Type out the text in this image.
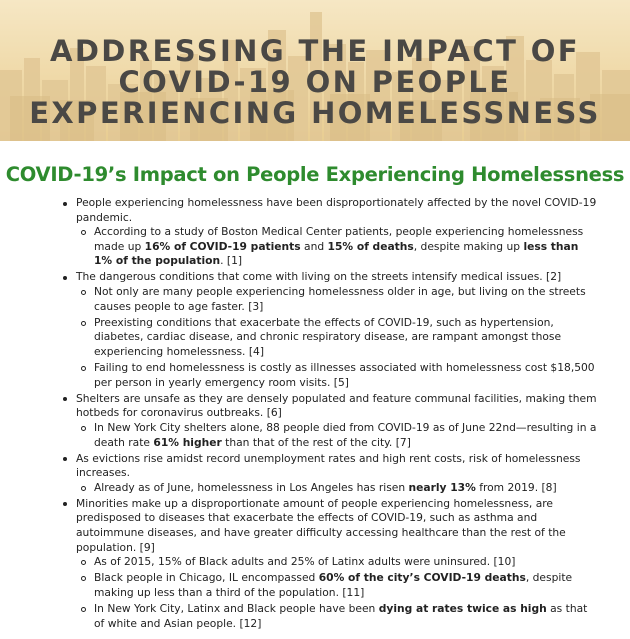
ADDRESSING THE IMPACT OF
COVID-19 ON PEOPLE
EXPERIENCING HOMELESSNESS
COVID-19’s Impact on People Experiencing Homelessness
People experiencing homelessness have been disproportionately affected by the novel COVID-19 pandemic.
According to a study of Boston Medical Center patients, people experiencing homelessness made up 16% of COVID-19 patients and 15% of deaths, despite making up less than 1% of the population. [1]
The dangerous conditions that come with living on the streets intensify medical issues. [2]
Not only are many people experiencing homelessness older in age, but living on the streets causes people to age faster. [3]
Preexisting conditions that exacerbate the effects of COVID-19, such as hypertension, diabetes, cardiac disease, and chronic respiratory disease, are rampant amongst those experiencing homelessness. [4]
Failing to end homelessness is costly as illnesses associated with homelessness cost $18,500 per person in yearly emergency room visits. [5]
Shelters are unsafe as they are densely populated and feature communal facilities, making them hotbeds for coronavirus outbreaks. [6]
In New York City shelters alone, 88 people died from COVID-19 as of June 22nd—resulting in a death rate 61% higher than that of the rest of the city. [7]
As evictions rise amidst record unemployment rates and high rent costs, risk of homelessness increases.
Already as of June, homelessness in Los Angeles has risen nearly 13% from 2019. [8]
Minorities make up a disproportionate amount of people experiencing homelessness, are predisposed to diseases that exacerbate the effects of COVID-19, such as asthma and autoimmune diseases, and have greater difficulty accessing healthcare than the rest of the population. [9]
As of 2015, 15% of Black adults and 25% of Latinx adults were uninsured. [10]
Black people in Chicago, IL encompassed 60% of the city’s COVID-19 deaths, despite making up less than a third of the population. [11]
In New York City, Latinx and Black people have been dying at rates twice as high as that of white and Asian people. [12]
